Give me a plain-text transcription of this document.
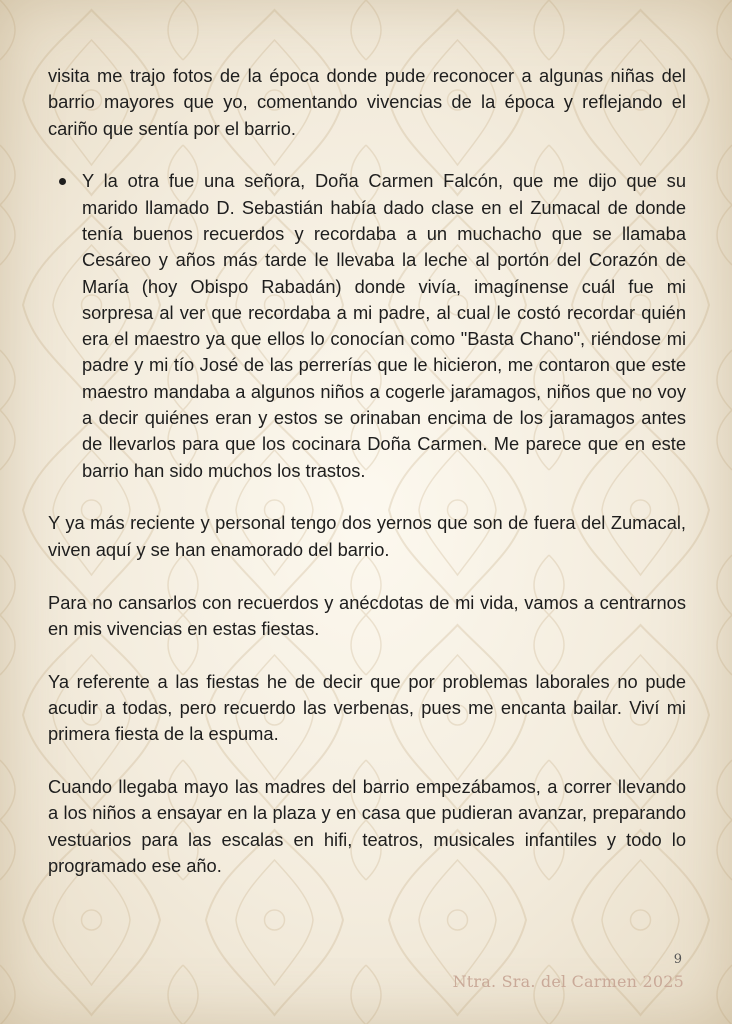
visita me trajo fotos de la época donde pude reconocer a algunas niñas del barrio mayores que yo, comentando vivencias de la época y reflejando el cariño que sentía por el barrio.

Y la otra fue una señora, Doña Carmen Falcón, que me dijo que su marido llamado D. Sebastián había dado clase en el Zumacal de donde tenía buenos recuerdos y recordaba a un muchacho que se llamaba Cesáreo y años más tarde le llevaba la leche al portón del Corazón de María (hoy Obispo Rabadán) donde vivía, imagínense cuál fue mi sorpresa al ver que recordaba a mi padre, al cual le costó recordar quién era el maestro ya que ellos lo conocían como "Basta Chano", riéndose mi padre y mi tío José de las perrerías que le hicieron, me contaron que este maestro mandaba a algunos niños a cogerle jaramagos, niños que no voy a decir quiénes eran y estos se orinaban encima de los jaramagos antes de llevarlos para que los cocinara Doña Carmen. Me parece que en este barrio han sido muchos los trastos.

Y ya más reciente y personal tengo dos yernos que son de fuera del Zumacal, viven aquí y se han enamorado del barrio.

Para no cansarlos con recuerdos y anécdotas de mi vida, vamos a centrarnos en mis vivencias en estas fiestas.

Ya referente a las fiestas he de decir que por problemas laborales no pude acudir a todas, pero recuerdo las verbenas, pues me encanta bailar. Viví mi primera fiesta de la espuma.

Cuando llegaba mayo las madres del barrio empezábamos, a correr llevando a los niños a ensayar en la plaza y en casa que pudieran avanzar, preparando vestuarios para las escalas en hifi, teatros, musicales infantiles y todo lo programado ese año.

9
Ntra. Sra. del Carmen 2025
